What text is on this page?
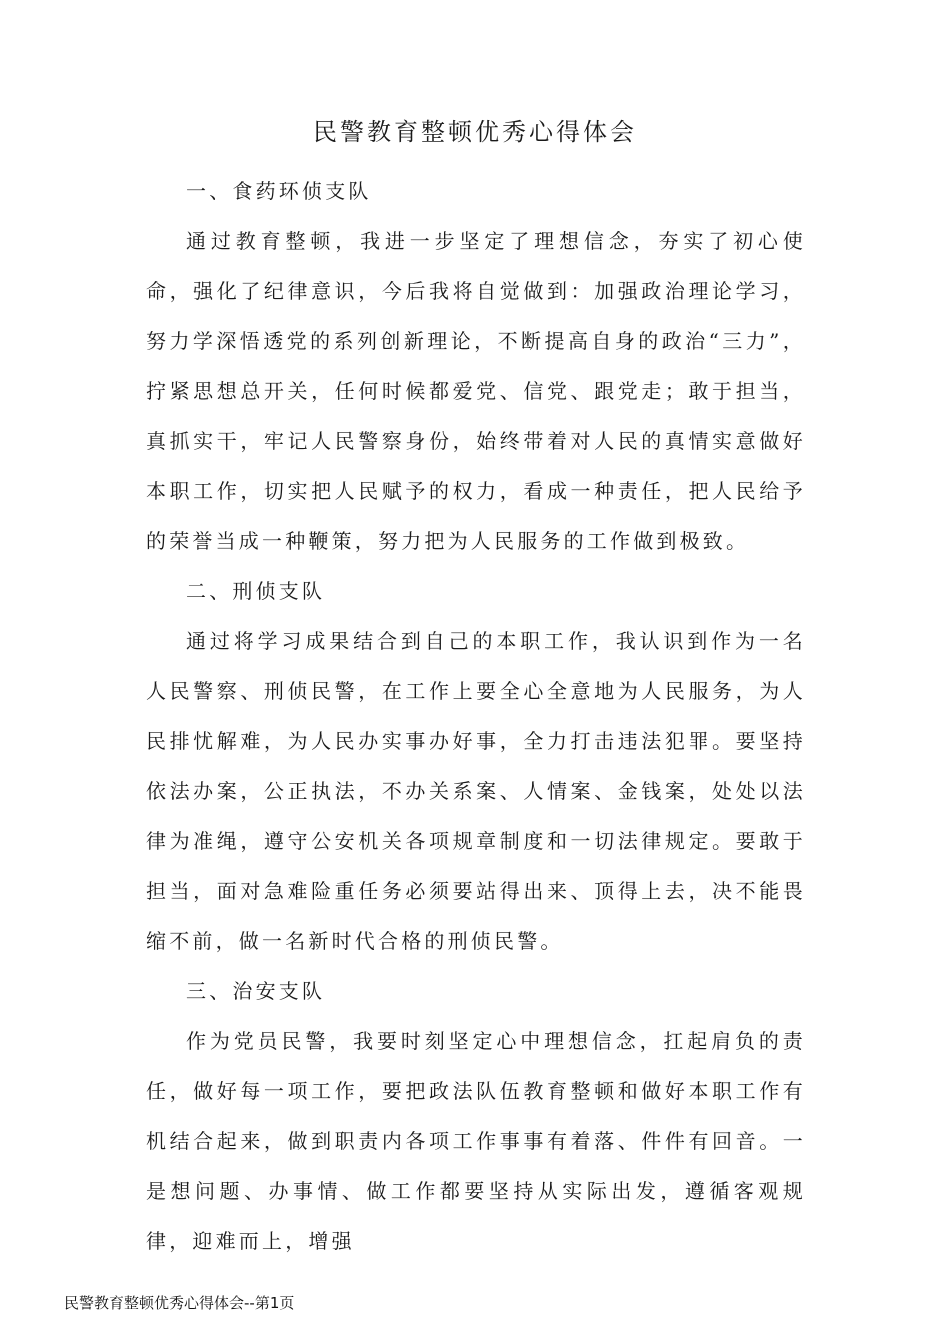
民警教育整顿优秀心得体会

一、食药环侦支队

通过教育整顿，我进一步坚定了理想信念，夯实了初心使命，强化了纪律意识，今后我将自觉做到：加强政治理论学习，努力学深悟透党的系列创新理论，不断提高自身的政治“三力”，拧紧思想总开关，任何时候都爱党、信党、跟党走；敢于担当，真抓实干，牢记人民警察身份，始终带着对人民的真情实意做好本职工作，切实把人民赋予的权力，看成一种责任，把人民给予的荣誉当成一种鞭策，努力把为人民服务的工作做到极致。

二、刑侦支队

通过将学习成果结合到自己的本职工作，我认识到作为一名人民警察、刑侦民警，在工作上要全心全意地为人民服务，为人民排忧解难，为人民办实事办好事，全力打击违法犯罪。要坚持依法办案，公正执法，不办关系案、人情案、金钱案，处处以法律为准绳，遵守公安机关各项规章制度和一切法律规定。要敢于担当，面对急难险重任务必须要站得出来、顶得上去，决不能畏缩不前，做一名新时代合格的刑侦民警。

三、治安支队

作为党员民警，我要时刻坚定心中理想信念，扛起肩负的责任，做好每一项工作，要把政法队伍教育整顿和做好本职工作有机结合起来，做到职责内各项工作事事有着落、件件有回音。一是想问题、办事情、做工作都要坚持从实际出发，遵循客观规律，迎难而上，增强

民警教育整顿优秀心得体会--第1页
